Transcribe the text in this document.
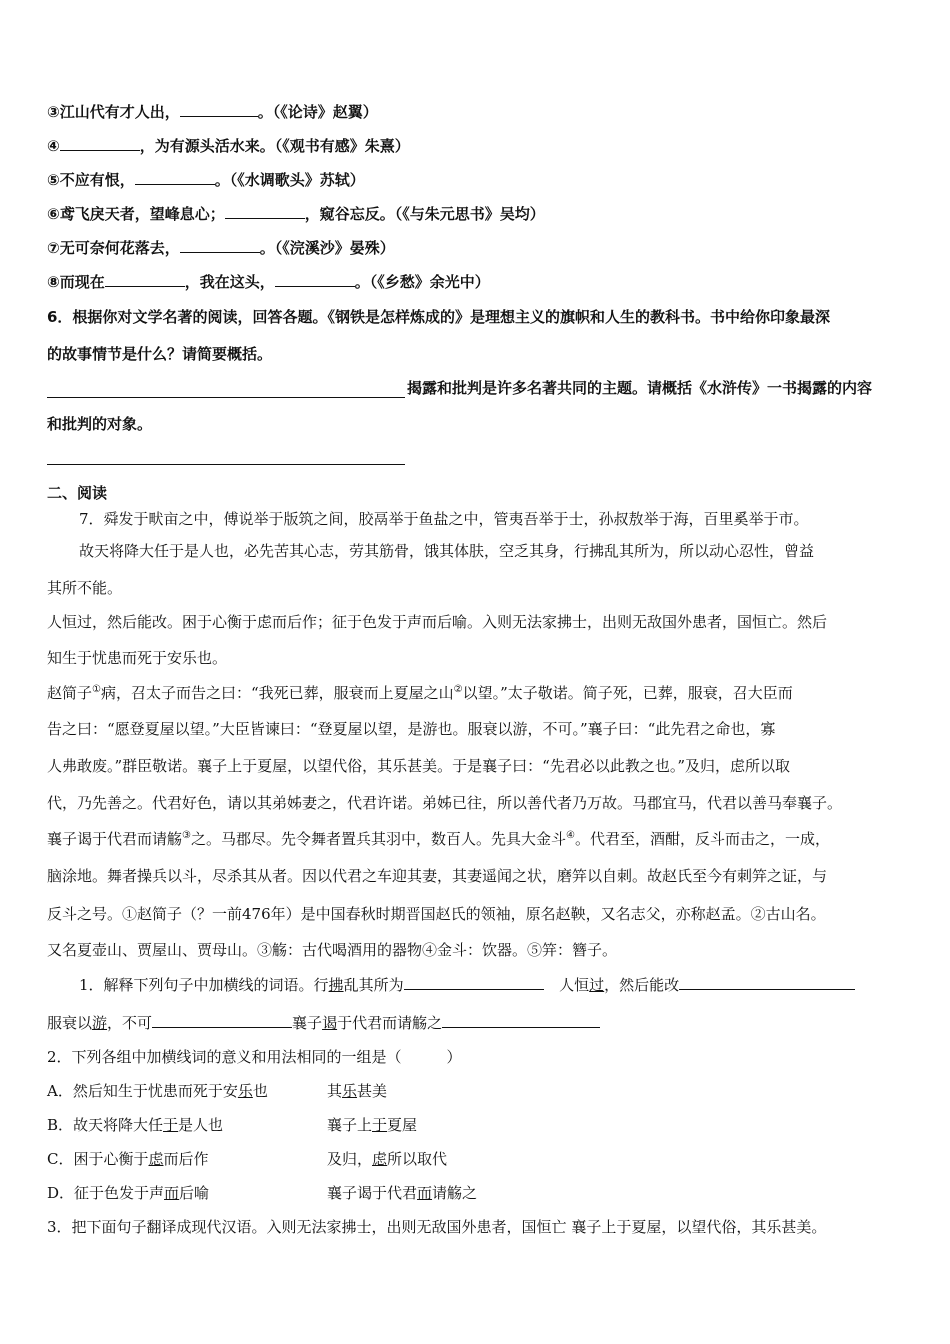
③江山代有才人出，	。（《论诗》赵翼）
④	，为有源头活水来。（《观书有感》朱熹）
⑤不应有恨，	。（《水调歌头》苏轼）
⑥鸢飞戾天者，望峰息心；	，窥谷忘反。（《与朱元思书》吴均）
⑦无可奈何花落去，	。（《浣溪沙》晏殊）
⑧而现在	，我在这头，	。（《乡愁》余光中）
6．根据你对文学名著的阅读，回答各题。《钢铁是怎样炼成的》是理想主义的旗帜和人生的教科书。书中给你印象最深
的故事情节是什么？请简要概括。
揭露和批判是许多名著共同的主题。请概括《水浒传》一书揭露的内容
和批判的对象。
二、阅读
7．舜发于畎亩之中，傅说举于版筑之间，胶鬲举于鱼盐之中，管夷吾举于士，孙叔敖举于海，百里奚举于市。
故天将降大任于是人也，必先苦其心志，劳其筋骨，饿其体肤，空乏其身，行拂乱其所为，所以动心忍性，曾益
其所不能。
人恒过，然后能改。困于心衡于虑而后作；征于色发于声而后喻。入则无法家拂士，出则无敌国外患者，国恒亡。然后
知生于忧患而死于安乐也。
赵简子①病，召太子而告之曰：“我死已葬，服衰而上夏屋之山②以望。”太子敬诺。简子死，已葬，服衰，召大臣而
告之曰：“愿登夏屋以望。”大臣皆谏曰：“登夏屋以望，是游也。服衰以游，不可。”襄子曰：“此先君之命也，寡
人弗敢废。”群臣敬诺。襄子上于夏屋，以望代俗，其乐甚美。于是襄子曰：“先君必以此教之也。”及归，虑所以取
代，乃先善之。代君好色，请以其弟姊妻之，代君许诺。弟姊已往，所以善代者乃万故。马郡宜马，代君以善马奉襄子。
襄子谒于代君而请觞③之。马郡尽。先令舞者置兵其羽中，数百人。先具大金斗④。代君至，酒酣，反斗而击之，一成，
脑涂地。舞者操兵以斗，尽杀其从者。因以代君之车迎其妻，其妻遥闻之状，磨笄以自刺。故赵氏至今有刺笄之证，与
反斗之号。①赵简子（？一前476年）是中国春秋时期晋国赵氏的领袖，原名赵鞅，又名志父，亦称赵孟。②古山名。
又名夏壶山、贾屋山、贾母山。③觞：古代喝酒用的器物④金斗：饮器。⑤笄：簪子。
1．解释下列句子中加横线的词语。行拂乱其所为	人恒过，然后能改
服衰以游，不可	襄子谒于代君而请觞之
2．下列各组中加横线词的意义和用法相同的一组是（　　　）
A．然后知生于忧患而死于安乐也	其乐甚美
B．故天将降大任于是人也	襄子上于夏屋
C．困于心衡于虑而后作	及归，虑所以取代
D．征于色发于声而后喻	襄子谒于代君而请觞之
3．把下面句子翻译成现代汉语。入则无法家拂士，出则无敌国外患者，国恒亡 襄子上于夏屋，以望代俗，其乐甚美。
